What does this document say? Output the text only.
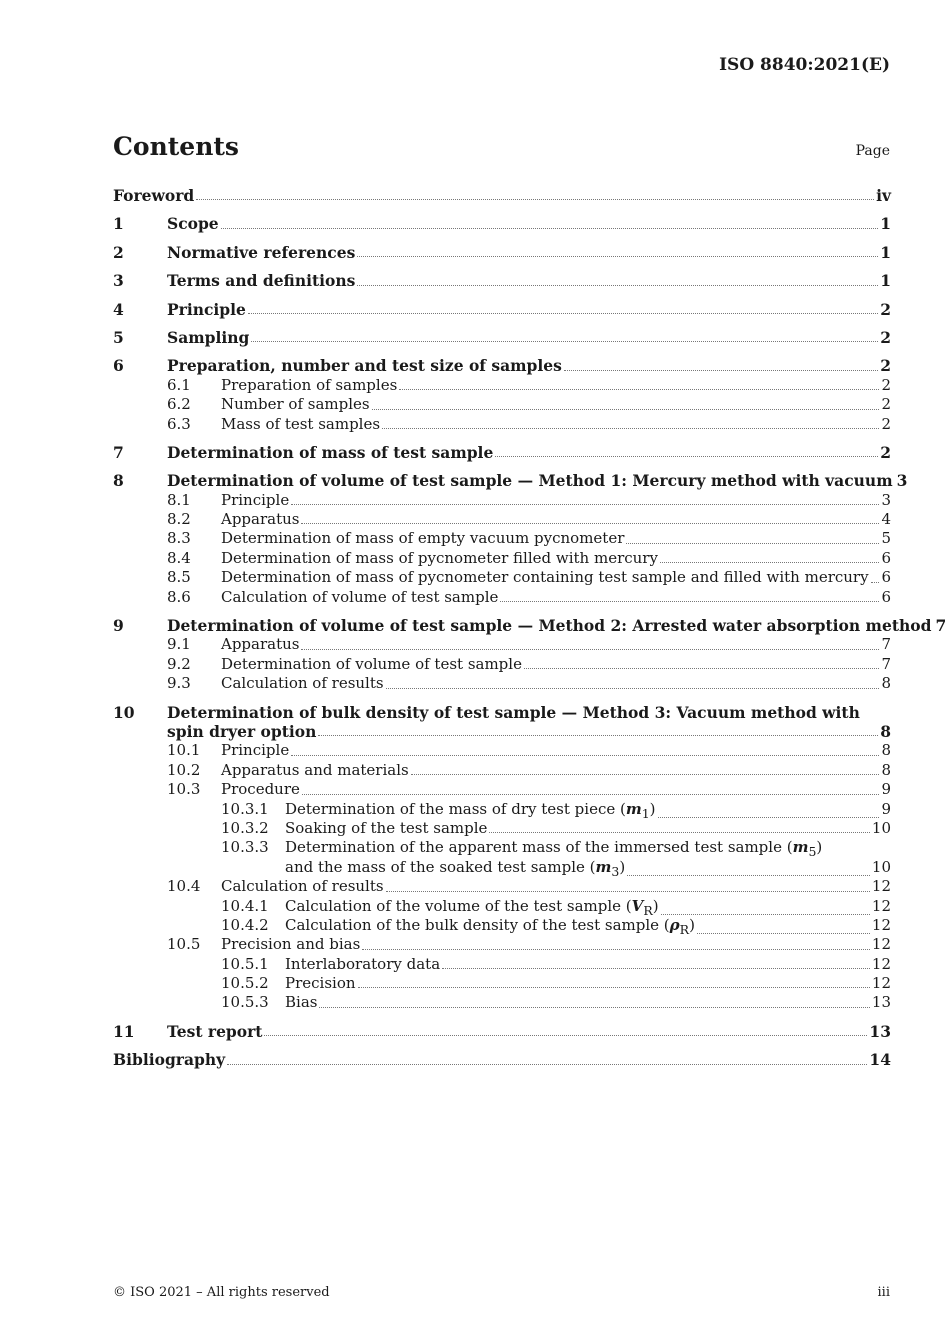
ISO 8840:2021(E)
Contents	Page
Foreword	iv
1	Scope	1
2	Normative references	1
3	Terms and definitions	1
4	Principle	2
5	Sampling	2
6	Preparation, number and test size of samples	2
6.1 Preparation of samples	2
6.2 Number of samples	2
6.3 Mass of test samples	2
7	Determination of mass of test sample	2
8	Determination of volume of test sample — Method 1: Mercury method with vacuum 3
8.1 Principle	3
8.2 Apparatus	4
8.3 Determination of mass of empty vacuum pycnometer	5
8.4 Determination of mass of pycnometer filled with mercury	6
8.5 Determination of mass of pycnometer containing test sample and filled with mercury 6
8.6 Calculation of volume of test sample	6
9	Determination of volume of test sample — Method 2: Arrested water absorption method 7
9.1 Apparatus	7
9.2 Determination of volume of test sample	7
9.3 Calculation of results	8
10 Determination of bulk density of test sample — Method 3: Vacuum method with
spin dryer option	8
10.1 Principle	8
10.2 Apparatus and materials	8
10.3 Procedure	9
10.3.1 Determination of the mass of dry test piece $(m_1)$	9
10.3.2 Soaking of the test sample	10
10.3.3 Determination of the apparent mass of the immersed test sample $(m_5)$
and the mass of the soaked test sample $(m_3)$	10
10.4 Calculation of results	12
10.4.1 Calculation of the volume of the test sample $(V_R)$	12
10.4.2 Calculation of the bulk density of the test sample $(\rho_R)$	12
10.5 Precision and bias	12
10.5.1 Interlaboratory data	12
10.5.2 Precision	12
10.5.3 Bias	13
11 Test report	13
Bibliography	14
© ISO 2021 – All rights reserved	iii
